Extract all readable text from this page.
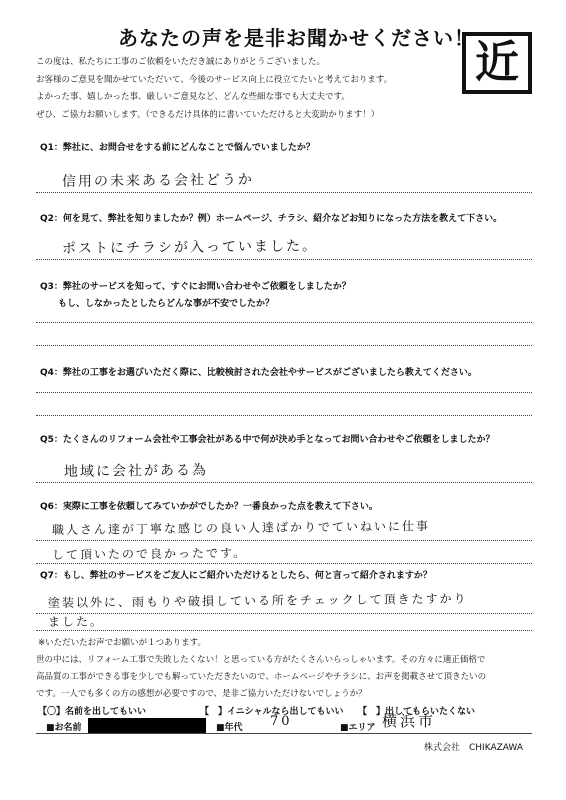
あなたの声を是非お聞かせください！ 近
この度は、私たちに工事のご依頼をいただき誠にありがとうございました。
お客様のご意見を聞かせていただいて、今後のサービス向上に役立てたいと考えております。
よかった事、嬉しかった事、厳しいご意見など、どんな些細な事でも大丈夫です。
ぜひ、ご協力お願いします。（できるだけ具体的に書いていただけると大変助かります！）
Q1：弊社に、お問合せをする前にどんなことで悩んでいましたか？
信用の未来ある会社どうか
Q2：何を見て、弊社を知りましたか？例）ホームページ、チラシ、紹介などお知りになった方法を教えて下さい。
ポストにチラシが入っていました。
Q3：弊社のサービスを知って、すぐにお問い合わせやご依頼をしましたか？
もし、しなかったとしたらどんな事が不安でしたか？
Q4：弊社の工事をお選びいただく際に、比較検討された会社やサービスがございましたら教えてください。
Q5：たくさんのリフォーム会社や工事会社がある中で何が決め手となってお問い合わせやご依頼をしましたか？
地域に会社がある為
Q6：実際に工事を依頼してみていかがでしたか？一番良かった点を教えて下さい。
職人さん達が丁寧な感じの良い人達ばかりでていねいに仕事
して頂いたので良かったです。
Q7：もし、弊社のサービスをご友人にご紹介いただけるとしたら、何と言って紹介されますか？
塗装以外に、雨もりや破損している所をチェックして頂きたすかり
ました。
※いただいたお声でお願いが１つあります。
世の中には、リフォーム工事で失敗したくない！と思っている方がたくさんいらっしゃいます。その方々に適正価格で
高品質の工事ができる事を少しでも解っていただきたいので、ホームページやチラシに、お声を掲載させて頂きたいの
です。一人でも多くの方の感想が必要ですので、是非ご協力いただけないでしょうか？
【〇】名前を出してもいい	【　】イニシャルなら出してもいい 【　】出してもらいたくない
■お名前	■年代 70	■エリア 横浜市
株式会社　CHIKAZAWA
